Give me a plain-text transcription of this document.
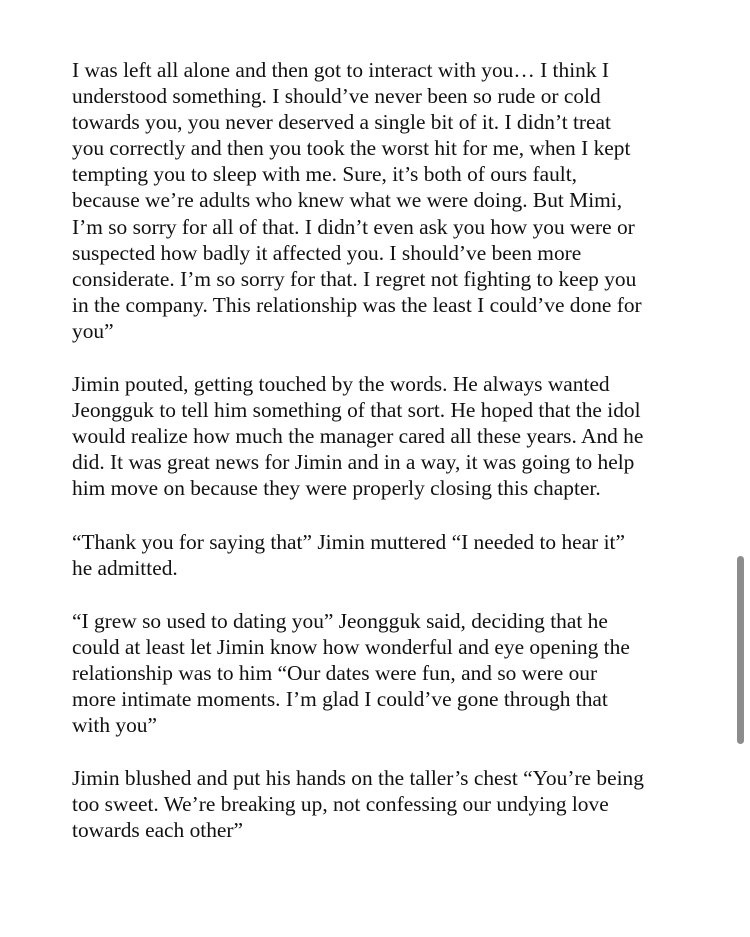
I was left all alone and then got to interact with you… I think I
understood something. I should’ve never been so rude or cold
towards you, you never deserved a single bit of it. I didn’t treat
you correctly and then you took the worst hit for me, when I kept
tempting you to sleep with me. Sure, it’s both of ours fault,
because we’re adults who knew what we were doing. But Mimi,
I’m so sorry for all of that. I didn’t even ask you how you were or
suspected how badly it affected you. I should’ve been more
considerate. I’m so sorry for that. I regret not fighting to keep you
in the company. This relationship was the least I could’ve done for
you”
Jimin pouted, getting touched by the words. He always wanted
Jeongguk to tell him something of that sort. He hoped that the idol
would realize how much the manager cared all these years. And he
did. It was great news for Jimin and in a way, it was going to help
him move on because they were properly closing this chapter.
“Thank you for saying that” Jimin muttered “I needed to hear it”
he admitted.
“I grew so used to dating you” Jeongguk said, deciding that he
could at least let Jimin know how wonderful and eye opening the
relationship was to him “Our dates were fun, and so were our
more intimate moments. I’m glad I could’ve gone through that
with you”
Jimin blushed and put his hands on the taller’s chest “You’re being
too sweet. We’re breaking up, not confessing our undying love
towards each other”
